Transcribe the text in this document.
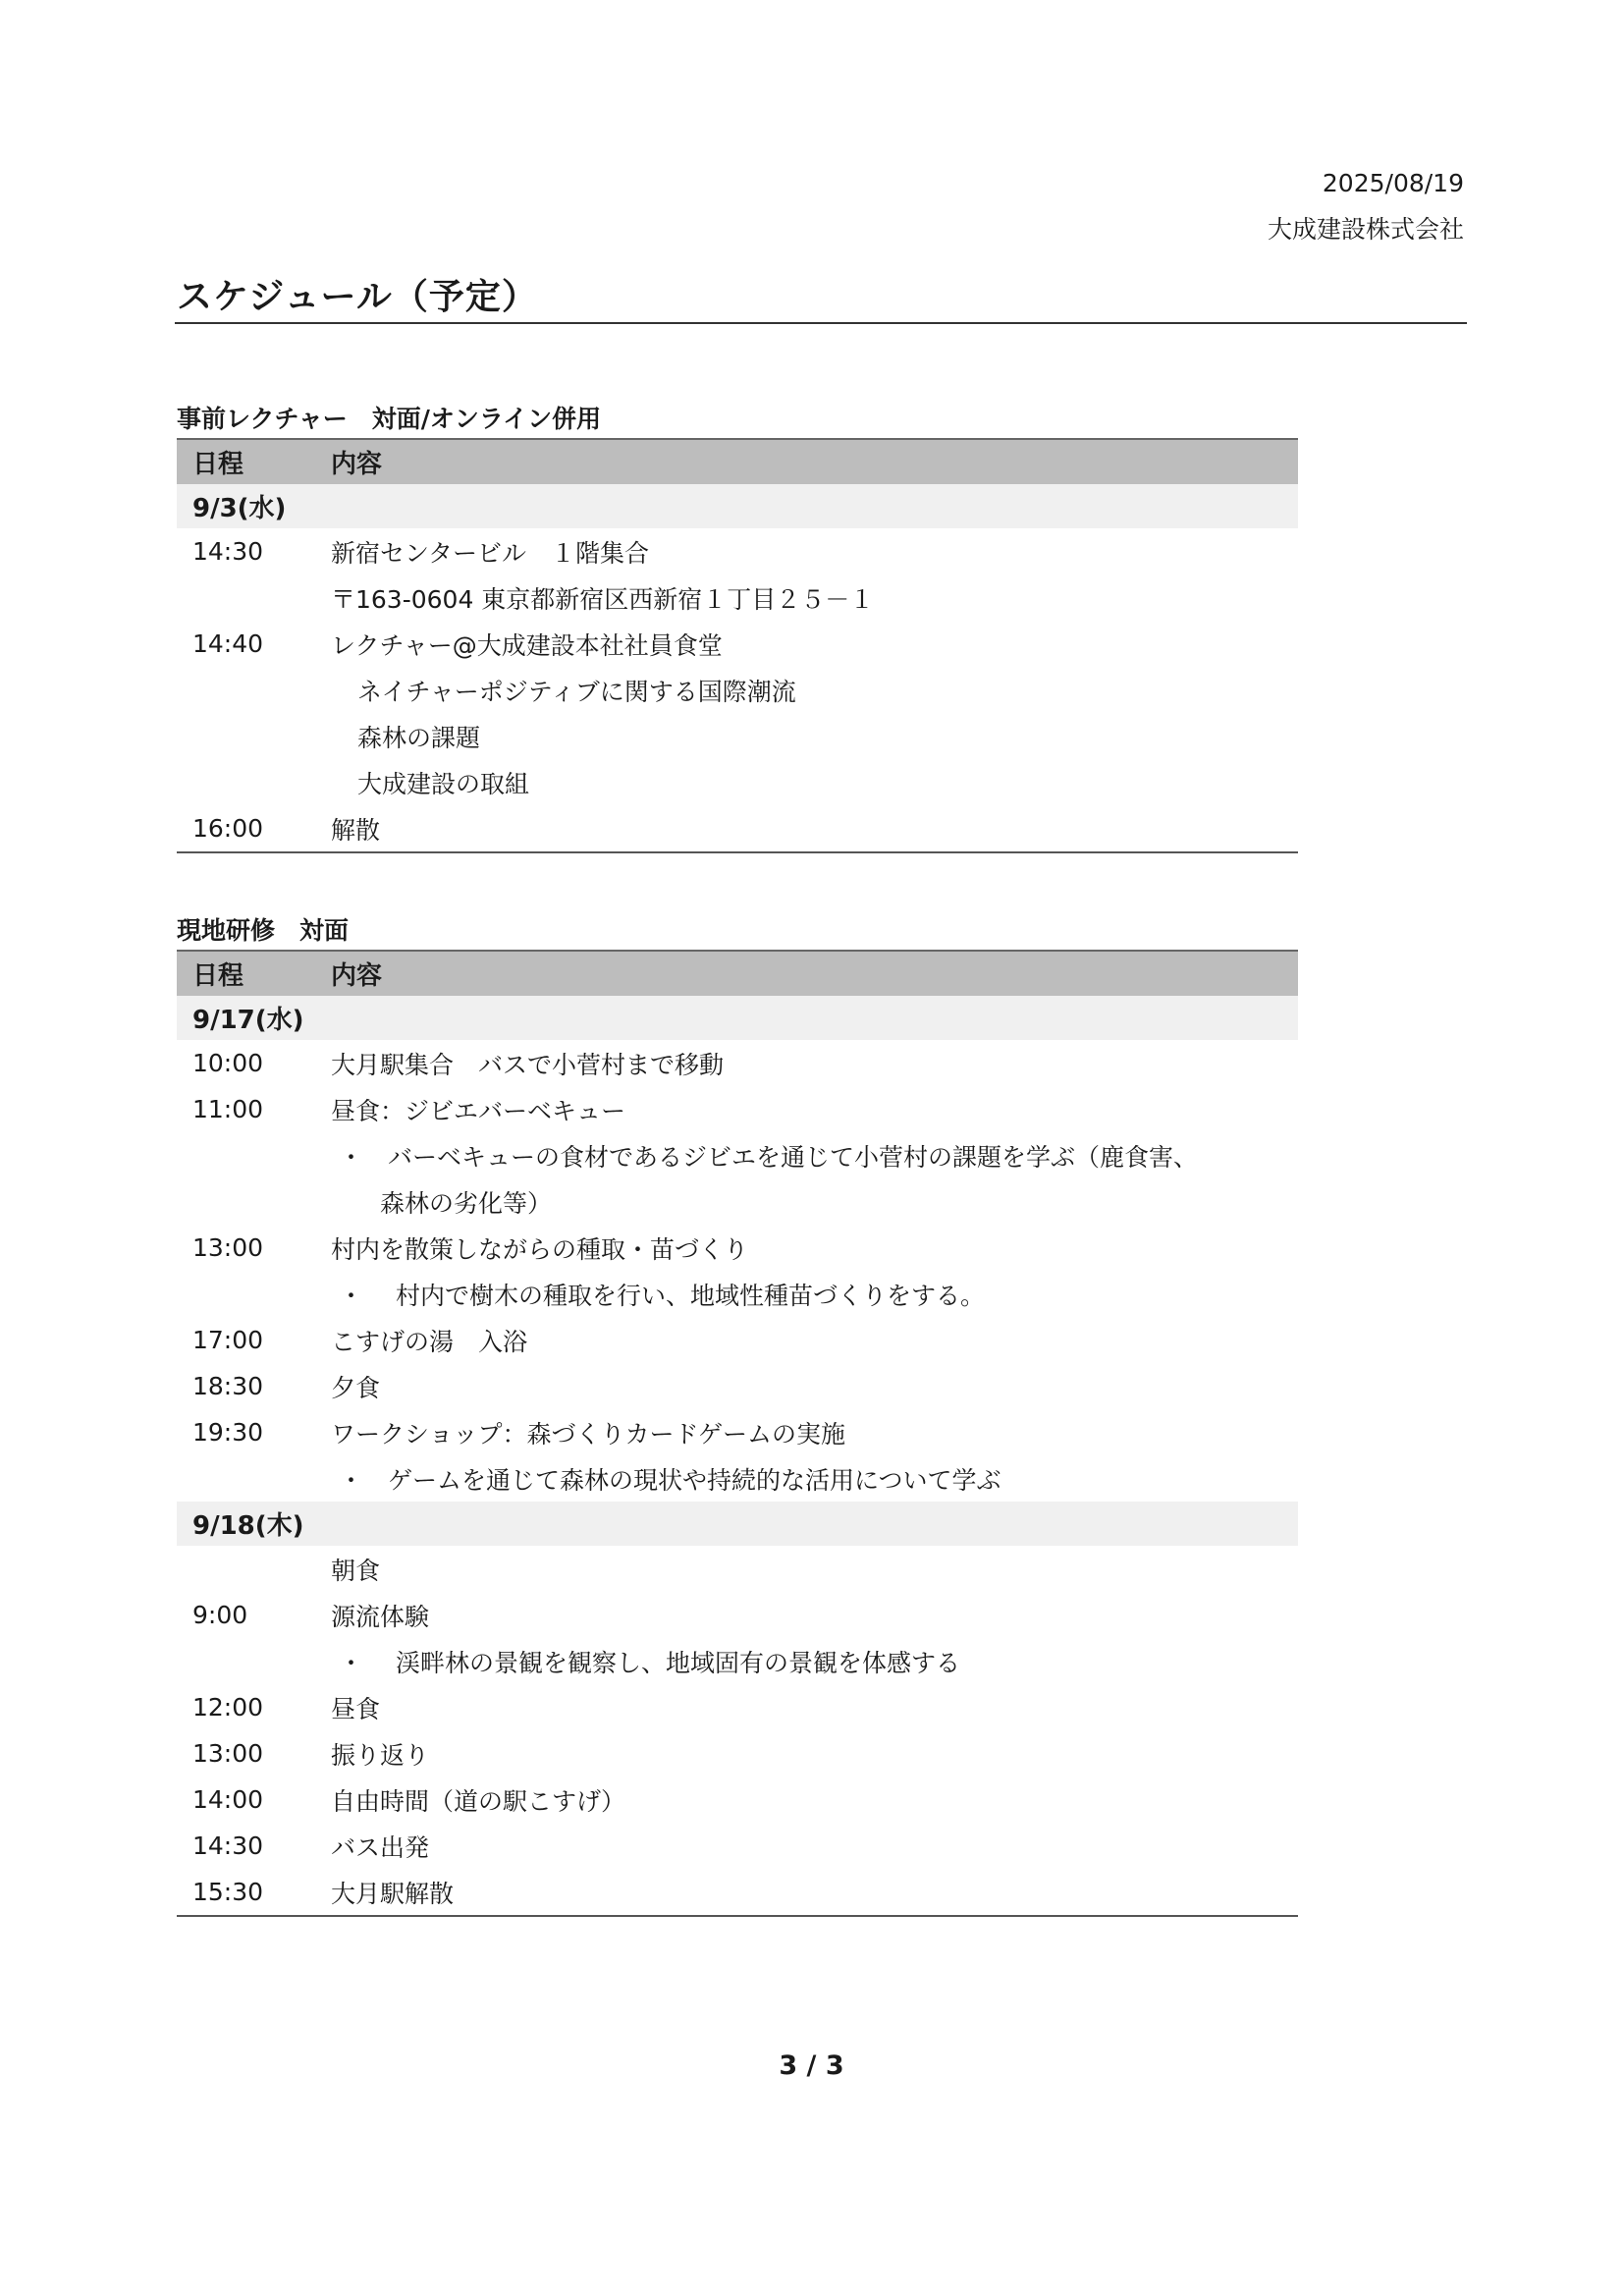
2025/08/19
大成建設株式会社
スケジュール（予定）
事前レクチャー　対面/オンライン併用
日程	内容
9/3(水)
14:30	新宿センタービル　１階集合
〒163-0604 東京都新宿区西新宿１丁目２５－１
14:40	レクチャー@大成建設本社社員食堂
ネイチャーポジティブに関する国際潮流
森林の課題
大成建設の取組
16:00	解散
現地研修　対面
日程	内容
9/17(水)
10:00	大月駅集合　バスで小菅村まで移動
11:00	昼食：ジビエバーベキュー
・　バーベキューの食材であるジビエを通じて小菅村の課題を学ぶ（鹿食害、
森林の劣化等）
13:00	村内を散策しながらの種取・苗づくり
・　 村内で樹木の種取を行い、地域性種苗づくりをする。
17:00	こすげの湯　入浴
18:30	夕食
19:30	ワークショップ：森づくりカードゲームの実施
・　ゲームを通じて森林の現状や持続的な活用について学ぶ
9/18(木)
朝食
9:00	源流体験
・　 渓畔林の景観を観察し、地域固有の景観を体感する
12:00	昼食
13:00	振り返り
14:00	自由時間（道の駅こすげ）
14:30	バス出発
15:30	大月駅解散
3 / 3
